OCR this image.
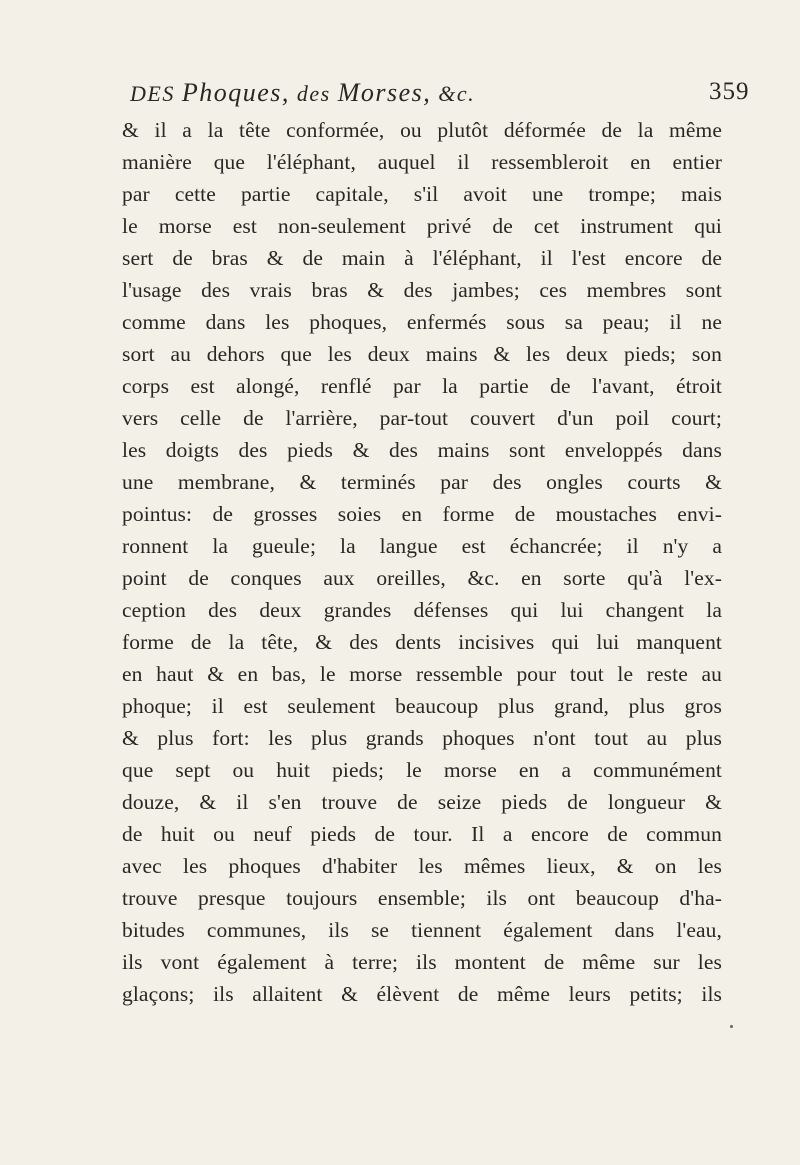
DES Phoques, des Morses, &c.	359
& il a la tête conformée, ou plutôt déformée de la même
manière que l'éléphant, auquel il ressembleroit en entier
par cette partie capitale, s'il avoit une trompe; mais
le morse est non-seulement privé de cet instrument qui
sert de bras & de main à l'éléphant, il l'est encore de
l'usage des vrais bras & des jambes; ces membres sont
comme dans les phoques, enfermés sous sa peau; il ne
sort au dehors que les deux mains & les deux pieds; son
corps est alongé, renflé par la partie de l'avant, étroit
vers celle de l'arrière, par-tout couvert d'un poil court;
les doigts des pieds & des mains sont enveloppés dans
une membrane, & terminés par des ongles courts &
pointus: de grosses soies en forme de moustaches envi-
ronnent la gueule; la langue est échancrée; il n'y a
point de conques aux oreilles, &c. en sorte qu'à l'ex-
ception des deux grandes défenses qui lui changent la
forme de la tête, & des dents incisives qui lui manquent
en haut & en bas, le morse ressemble pour tout le reste au
phoque; il est seulement beaucoup plus grand, plus gros
& plus fort: les plus grands phoques n'ont tout au plus
que sept ou huit pieds; le morse en a communément
douze, & il s'en trouve de seize pieds de longueur &
de huit ou neuf pieds de tour. Il a encore de commun
avec les phoques d'habiter les mêmes lieux, & on les
trouve presque toujours ensemble; ils ont beaucoup d'ha-
bitudes communes, ils se tiennent également dans l'eau,
ils vont également à terre; ils montent de même sur les
glaçons; ils allaitent & élèvent de même leurs petits; ils
